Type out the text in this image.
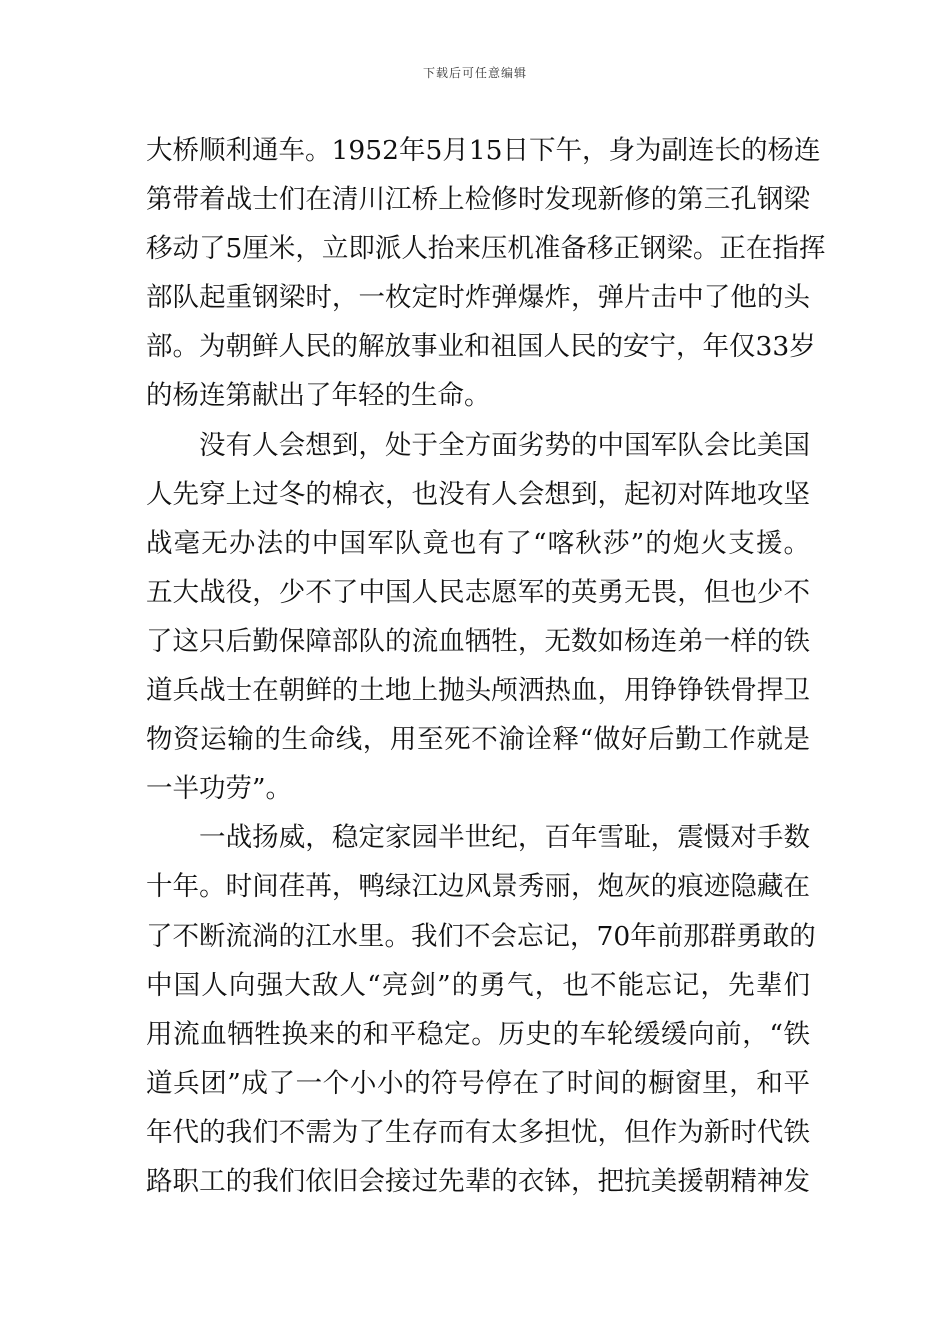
下载后可任意编辑
大桥顺利通车。1952年5月15日下午，身为副连长的杨连
第带着战士们在清川江桥上检修时发现新修的第三孔钢梁
移动了5厘米，立即派人抬来压机准备移正钢梁。正在指挥
部队起重钢梁时，一枚定时炸弹爆炸，弹片击中了他的头
部。为朝鲜人民的解放事业和祖国人民的安宁，年仅33岁
的杨连第献出了年轻的生命。
没有人会想到，处于全方面劣势的中国军队会比美国
人先穿上过冬的棉衣，也没有人会想到，起初对阵地攻坚
战毫无办法的中国军队竟也有了“喀秋莎”的炮火支援。
五大战役，少不了中国人民志愿军的英勇无畏，但也少不
了这只后勤保障部队的流血牺牲，无数如杨连弟一样的铁
道兵战士在朝鲜的土地上抛头颅洒热血，用铮铮铁骨捍卫
物资运输的生命线，用至死不渝诠释“做好后勤工作就是
一半功劳”。
一战扬威，稳定家园半世纪，百年雪耻，震慑对手数
十年。时间荏苒，鸭绿江边风景秀丽，炮灰的痕迹隐藏在
了不断流淌的江水里。我们不会忘记，70年前那群勇敢的
中国人向强大敌人“亮剑”的勇气，也不能忘记，先辈们
用流血牺牲换来的和平稳定。历史的车轮缓缓向前，“铁
道兵团”成了一个小小的符号停在了时间的橱窗里，和平
年代的我们不需为了生存而有太多担忧，但作为新时代铁
路职工的我们依旧会接过先辈的衣钵，把抗美援朝精神发
